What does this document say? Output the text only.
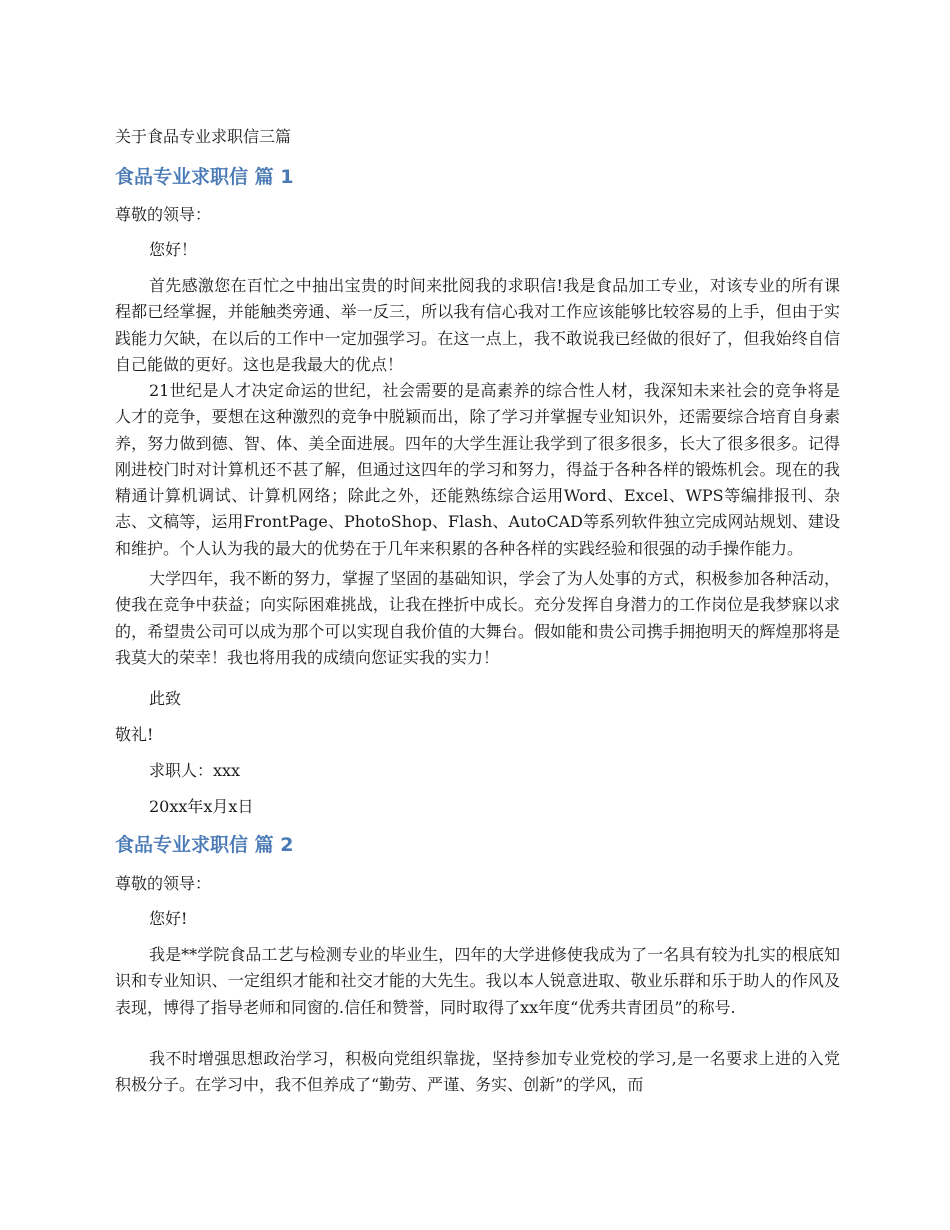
关于食品专业求职信三篇
食品专业求职信 篇 1
尊敬的领导：
您好！
首先感激您在百忙之中抽出宝贵的时间来批阅我的求职信!我是食品加工专业，对该专业的所有课程都已经掌握，并能触类旁通、举一反三，所以我有信心我对工作应该能够比较容易的上手，但由于实践能力欠缺，在以后的工作中一定加强学习。在这一点上，我不敢说我已经做的很好了，但我始终自信自己能做的更好。这也是我最大的优点！
21世纪是人才决定命运的世纪，社会需要的是高素养的综合性人材，我深知未来社会的竞争将是人才的竞争，要想在这种激烈的竞争中脱颖而出，除了学习并掌握专业知识外，还需要综合培育自身素养，努力做到德、智、体、美全面进展。四年的大学生涯让我学到了很多很多，长大了很多很多。记得刚进校门时对计算机还不甚了解，但通过这四年的学习和努力，得益于各种各样的锻炼机会。现在的我精通计算机调试、计算机网络；除此之外，还能熟练综合运用Word、Excel、WPS等编排报刊、杂志、文稿等，运用FrontPage、PhotoShop、Flash、AutoCAD等系列软件独立完成网站规划、建设和维护。个人认为我的最大的优势在于几年来积累的各种各样的实践经验和很强的动手操作能力。
大学四年，我不断的努力，掌握了坚固的基础知识，学会了为人处事的方式，积极参加各种活动，使我在竞争中获益；向实际困难挑战，让我在挫折中成长。充分发挥自身潜力的工作岗位是我梦寐以求的，希望贵公司可以成为那个可以实现自我价值的大舞台。假如能和贵公司携手拥抱明天的辉煌那将是我莫大的荣幸！我也将用我的成绩向您证实我的实力！
此致
敬礼!
求职人：xxx
20xx年x月x日
食品专业求职信 篇 2
尊敬的领导：
您好!
我是**学院食品工艺与检测专业的毕业生，四年的大学进修使我成为了一名具有较为扎实的根底知识和专业知识、一定组织才能和社交才能的大先生。我以本人锐意进取、敬业乐群和乐于助人的作风及表现，博得了指导老师和同窗的.信任和赞誉，同时取得了xx年度“优秀共青团员”的称号.
我不时增强思想政治学习，积极向党组织靠拢，坚持参加专业党校的学习,是一名要求上进的入党积极分子。在学习中，我不但养成了“勤劳、严谨、务实、创新”的学风，而
